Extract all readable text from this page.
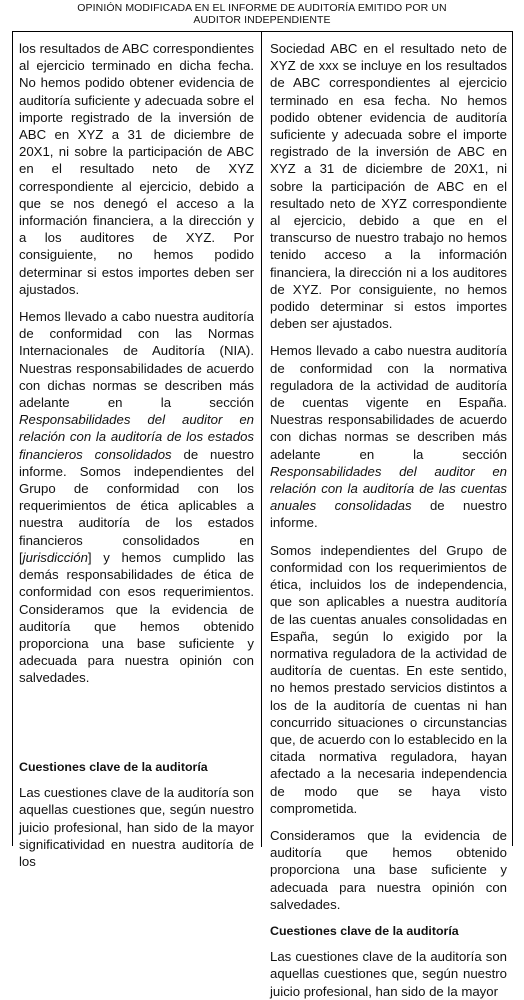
OPINIÓN MODIFICADA EN EL INFORME DE AUDITORÍA EMITIDO POR UN
AUDITOR INDEPENDIENTE

los resultados de ABC correspondientes al ejercicio terminado en dicha fecha. No hemos podido obtener evidencia de auditoría suficiente y adecuada sobre el importe registrado de la inversión de ABC en XYZ a 31 de diciembre de 20X1, ni sobre la participación de ABC en el resultado neto de XYZ correspondiente al ejercicio, debido a que se nos denegó el acceso a la información financiera, a la dirección y a los auditores de XYZ. Por consiguiente, no hemos podido determinar si estos importes deben ser ajustados.

Hemos llevado a cabo nuestra auditoría de conformidad con las Normas Internacionales de Auditoría (NIA). Nuestras responsabilidades de acuerdo con dichas normas se describen más adelante en la sección Responsabilidades del auditor en relación con la auditoría de los estados financieros consolidados de nuestro informe. Somos independientes del Grupo de conformidad con los requerimientos de ética aplicables a nuestra auditoría de los estados financieros consolidados en [jurisdicción] y hemos cumplido las demás responsabilidades de ética de conformidad con esos requerimientos. Consideramos que la evidencia de auditoría que hemos obtenido proporciona una base suficiente y adecuada para nuestra opinión con salvedades.

Cuestiones clave de la auditoría

Las cuestiones clave de la auditoría son aquellas cuestiones que, según nuestro juicio profesional, han sido de la mayor significatividad en nuestra auditoría de los

Sociedad ABC en el resultado neto de XYZ de xxx se incluye en los resultados de ABC correspondientes al ejercicio terminado en esa fecha. No hemos podido obtener evidencia de auditoría suficiente y adecuada sobre el importe registrado de la inversión de ABC en XYZ a 31 de diciembre de 20X1, ni sobre la participación de ABC en el resultado neto de XYZ correspondiente al ejercicio, debido a que en el transcurso de nuestro trabajo no hemos tenido acceso a la información financiera, la dirección ni a los auditores de XYZ. Por consiguiente, no hemos podido determinar si estos importes deben ser ajustados.

Hemos llevado a cabo nuestra auditoría de conformidad con la normativa reguladora de la actividad de auditoría de cuentas vigente en España. Nuestras responsabilidades de acuerdo con dichas normas se describen más adelante en la sección Responsabilidades del auditor en relación con la auditoría de las cuentas anuales consolidadas de nuestro informe.

Somos independientes del Grupo de conformidad con los requerimientos de ética, incluidos los de independencia, que son aplicables a nuestra auditoría de las cuentas anuales consolidadas en España, según lo exigido por la normativa reguladora de la actividad de auditoría de cuentas. En este sentido, no hemos prestado servicios distintos a los de la auditoría de cuentas ni han concurrido situaciones o circunstancias que, de acuerdo con lo establecido en la citada normativa reguladora, hayan afectado a la necesaria independencia de modo que se haya visto comprometida.

Consideramos que la evidencia de auditoría que hemos obtenido proporciona una base suficiente y adecuada para nuestra opinión con salvedades.

Cuestiones clave de la auditoría

Las cuestiones clave de la auditoría son aquellas cuestiones que, según nuestro juicio profesional, han sido de la mayor
